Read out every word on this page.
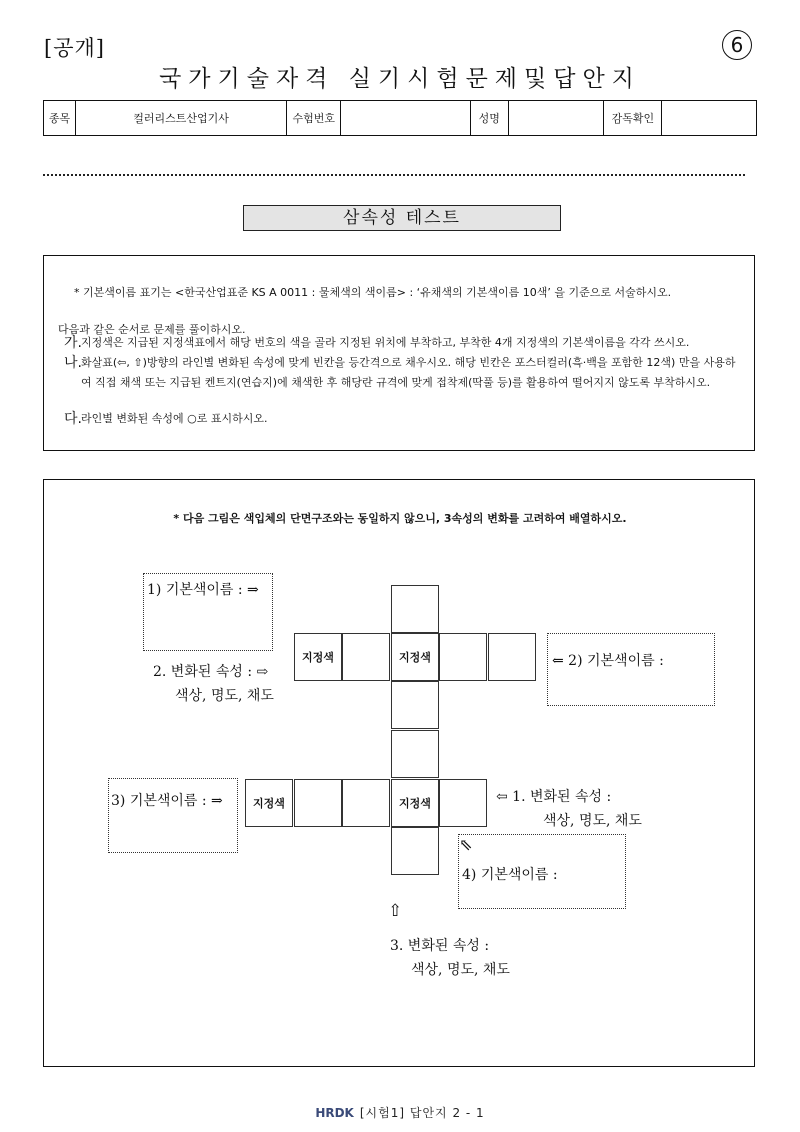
[공개]	6
국가기술자격 실기시험문제및답안지
종목	컬러리스트산업기사	수험번호	성명	감독확인
삼속성 테스트
* 기본색이름 표기는 <한국산업표준 KS A 0011 : 물체색의 색이름> : ‘유채색의 기본색이름 10색’ 을 기준으로 서술하시오.
다음과 같은 순서로 문제를 풀이하시오.
가. 지정색은 지급된 지정색표에서 해당 번호의 색을 골라 지정된 위치에 부착하고, 부착한 4개 지정색의 기본색이름을 각각 쓰시오.
나. 화살표(⇦, ⇧)방향의 라인별 변화된 속성에 맞게 빈칸을 등간격으로 채우시오. 해당 빈칸은 포스터컬러(흑·백을 포함한 12색) 만을 사용하여 직접 채색 또는 지급된 켄트지(연습지)에 채색한 후 해당란 규격에 맞게 접착제(딱풀 등)를 활용하여 떨어지지 않도록 부착하시오.
다. 라인별 변화된 속성에 ○로 표시하시오.
* 다음 그림은 색입체의 단면구조와는 동일하지 않으니, 3속성의 변화를 고려하여 배열하시오.
1) 기본색이름 : ⇒
2. 변화된 속성 : ⇨
색상, 명도, 채도
⇐ 2) 기본색이름 :
3) 기본색이름 : ⇒	⇦ 1. 변화된 속성 :
색상, 명도, 채도
⇖
4) 기본색이름 :
⇧
3. 변화된 속성 :
색상, 명도, 채도
지정색
지정색
지정색
지정색
HRDK [시험1] 답안지 2 - 1
